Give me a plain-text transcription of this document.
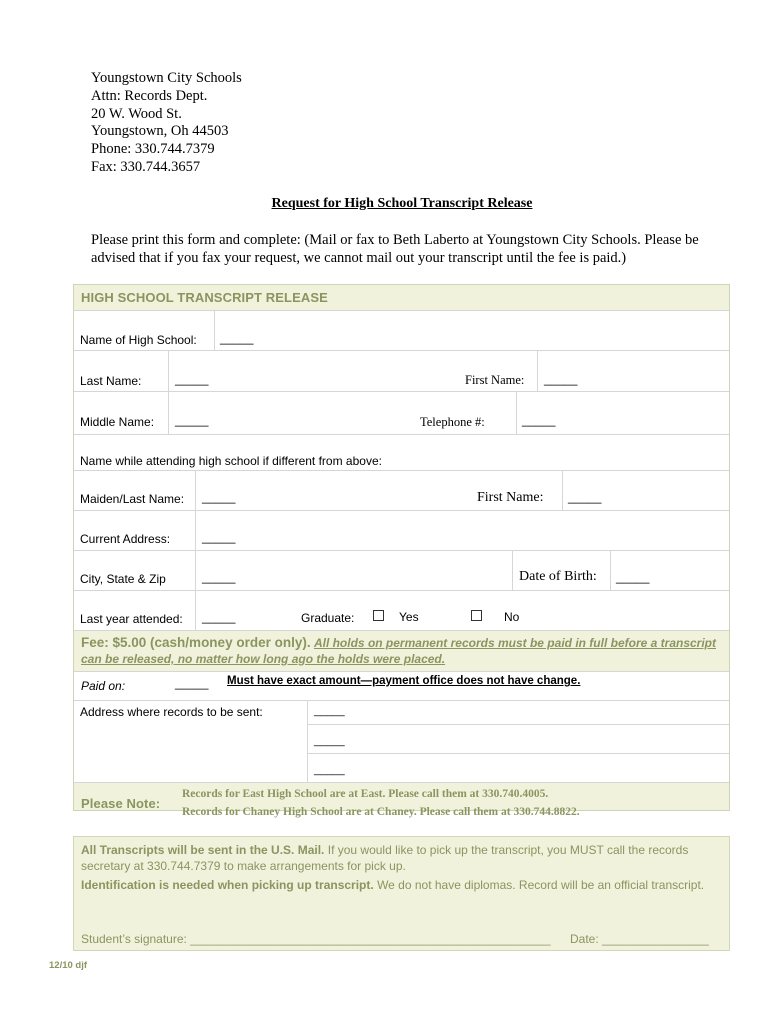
Youngstown City Schools
Attn: Records Dept.
20 W. Wood St.
Youngstown, Oh 44503
Phone: 330.744.7379
Fax: 330.744.3657
Request for High School Transcript Release
Please print this form and complete: (Mail or fax to Beth Laberto at Youngstown City Schools. Please be advised that if you fax your request, we cannot mail out your transcript until the fee is paid.)
HIGH SCHOOL TRANSCRIPT RELEASE
Name of High School: _____
Last Name:	_____	First Name: _____
Middle Name: _____	Telephone #:	_____
Name while attending high school if different from above:
Maiden/Last Name: _____	First Name: _____
Current Address:	_____
City, State & Zip	_____	Date of Birth: _____
Last year attended: _____	Graduate:	Yes	No
Fee: $5.00 (cash/money order only). All holds on permanent records must be paid in full before a transcript can be released, no matter how long ago the holds were placed.
Paid on:	_____ Must have exact amount—payment office does not have change.
Address where records to be sent:	_____
_____
_____
Please Note:
Records for East High School are at East. Please call them at 330.740.4005.
Records for Chaney High School are at Chaney. Please call them at 330.744.8822.
All Transcripts will be sent in the U.S. Mail. If you would like to pick up the transcript, you MUST call the records secretary at 330.744.7379 to make arrangements for pick up.
Identification is needed when picking up transcript. We do not have diplomas. Record will be an official transcript.
Student’s signature: ______________________________________________________ Date: ________________
12/10 djf
